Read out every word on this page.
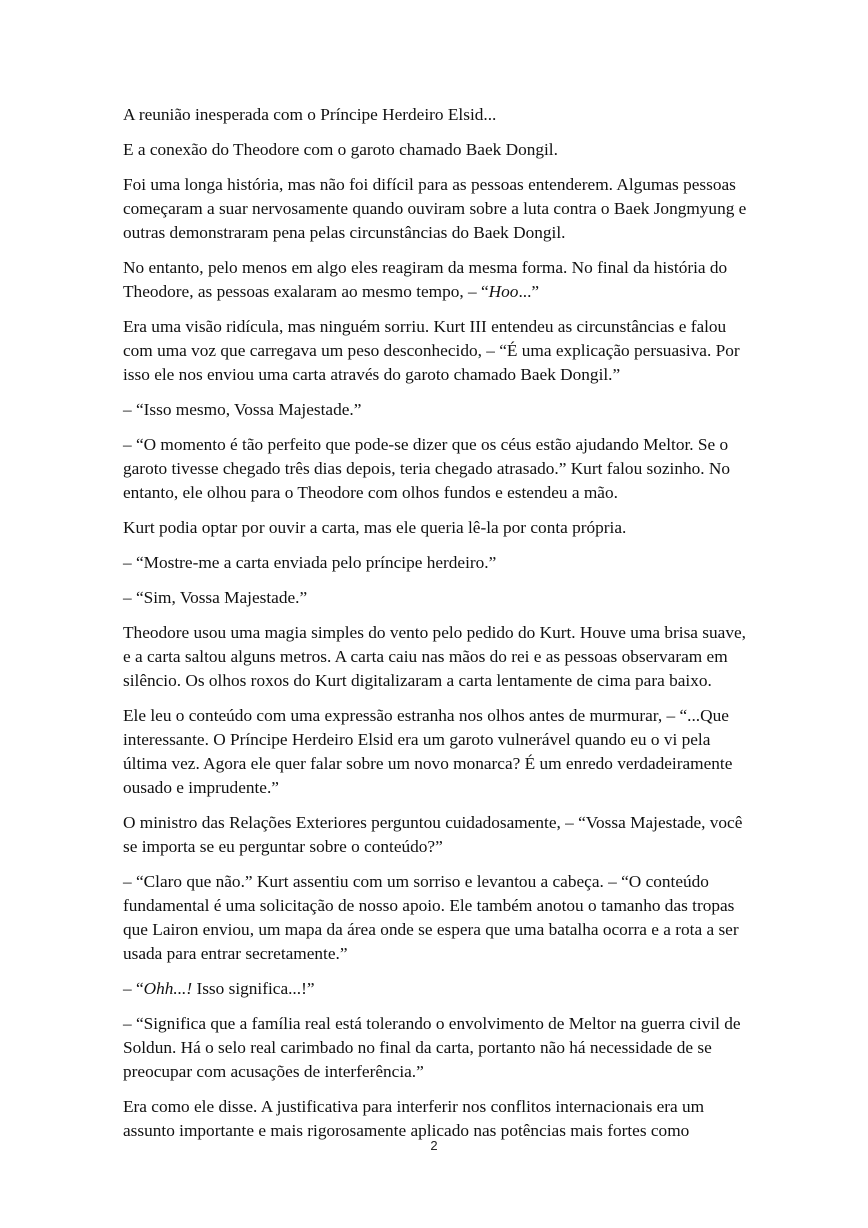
A reunião inesperada com o Príncipe Herdeiro Elsid...

E a conexão do Theodore com o garoto chamado Baek Dongil.

Foi uma longa história, mas não foi difícil para as pessoas entenderem. Algumas pessoas começaram a suar nervosamente quando ouviram sobre a luta contra o Baek Jongmyung e outras demonstraram pena pelas circunstâncias do Baek Dongil.

No entanto, pelo menos em algo eles reagiram da mesma forma. No final da história do Theodore, as pessoas exalaram ao mesmo tempo, – “Hoo...”

Era uma visão ridícula, mas ninguém sorriu. Kurt III entendeu as circunstâncias e falou com uma voz que carregava um peso desconhecido, – “É uma explicação persuasiva. Por isso ele nos enviou uma carta através do garoto chamado Baek Dongil.”

– “Isso mesmo, Vossa Majestade.”

– “O momento é tão perfeito que pode-se dizer que os céus estão ajudando Meltor. Se o garoto tivesse chegado três dias depois, teria chegado atrasado.” Kurt falou sozinho. No entanto, ele olhou para o Theodore com olhos fundos e estendeu a mão.

Kurt podia optar por ouvir a carta, mas ele queria lê-la por conta própria.

– “Mostre-me a carta enviada pelo príncipe herdeiro.”

– “Sim, Vossa Majestade.”

Theodore usou uma magia simples do vento pelo pedido do Kurt. Houve uma brisa suave, e a carta saltou alguns metros. A carta caiu nas mãos do rei e as pessoas observaram em silêncio. Os olhos roxos do Kurt digitalizaram a carta lentamente de cima para baixo.

Ele leu o conteúdo com uma expressão estranha nos olhos antes de murmurar, – “...Que interessante. O Príncipe Herdeiro Elsid era um garoto vulnerável quando eu o vi pela última vez. Agora ele quer falar sobre um novo monarca? É um enredo verdadeiramente ousado e imprudente.”

O ministro das Relações Exteriores perguntou cuidadosamente, – “Vossa Majestade, você se importa se eu perguntar sobre o conteúdo?”

– “Claro que não.” Kurt assentiu com um sorriso e levantou a cabeça. – “O conteúdo fundamental é uma solicitação de nosso apoio. Ele também anotou o tamanho das tropas que Lairon enviou, um mapa da área onde se espera que uma batalha ocorra e a rota a ser usada para entrar secretamente.”

– “Ohh...! Isso significa...!”

– “Significa que a família real está tolerando o envolvimento de Meltor na guerra civil de Soldun. Há o selo real carimbado no final da carta, portanto não há necessidade de se preocupar com acusações de interferência.”

Era como ele disse. A justificativa para interferir nos conflitos internacionais era um assunto importante e mais rigorosamente aplicado nas potências mais fortes como

2
